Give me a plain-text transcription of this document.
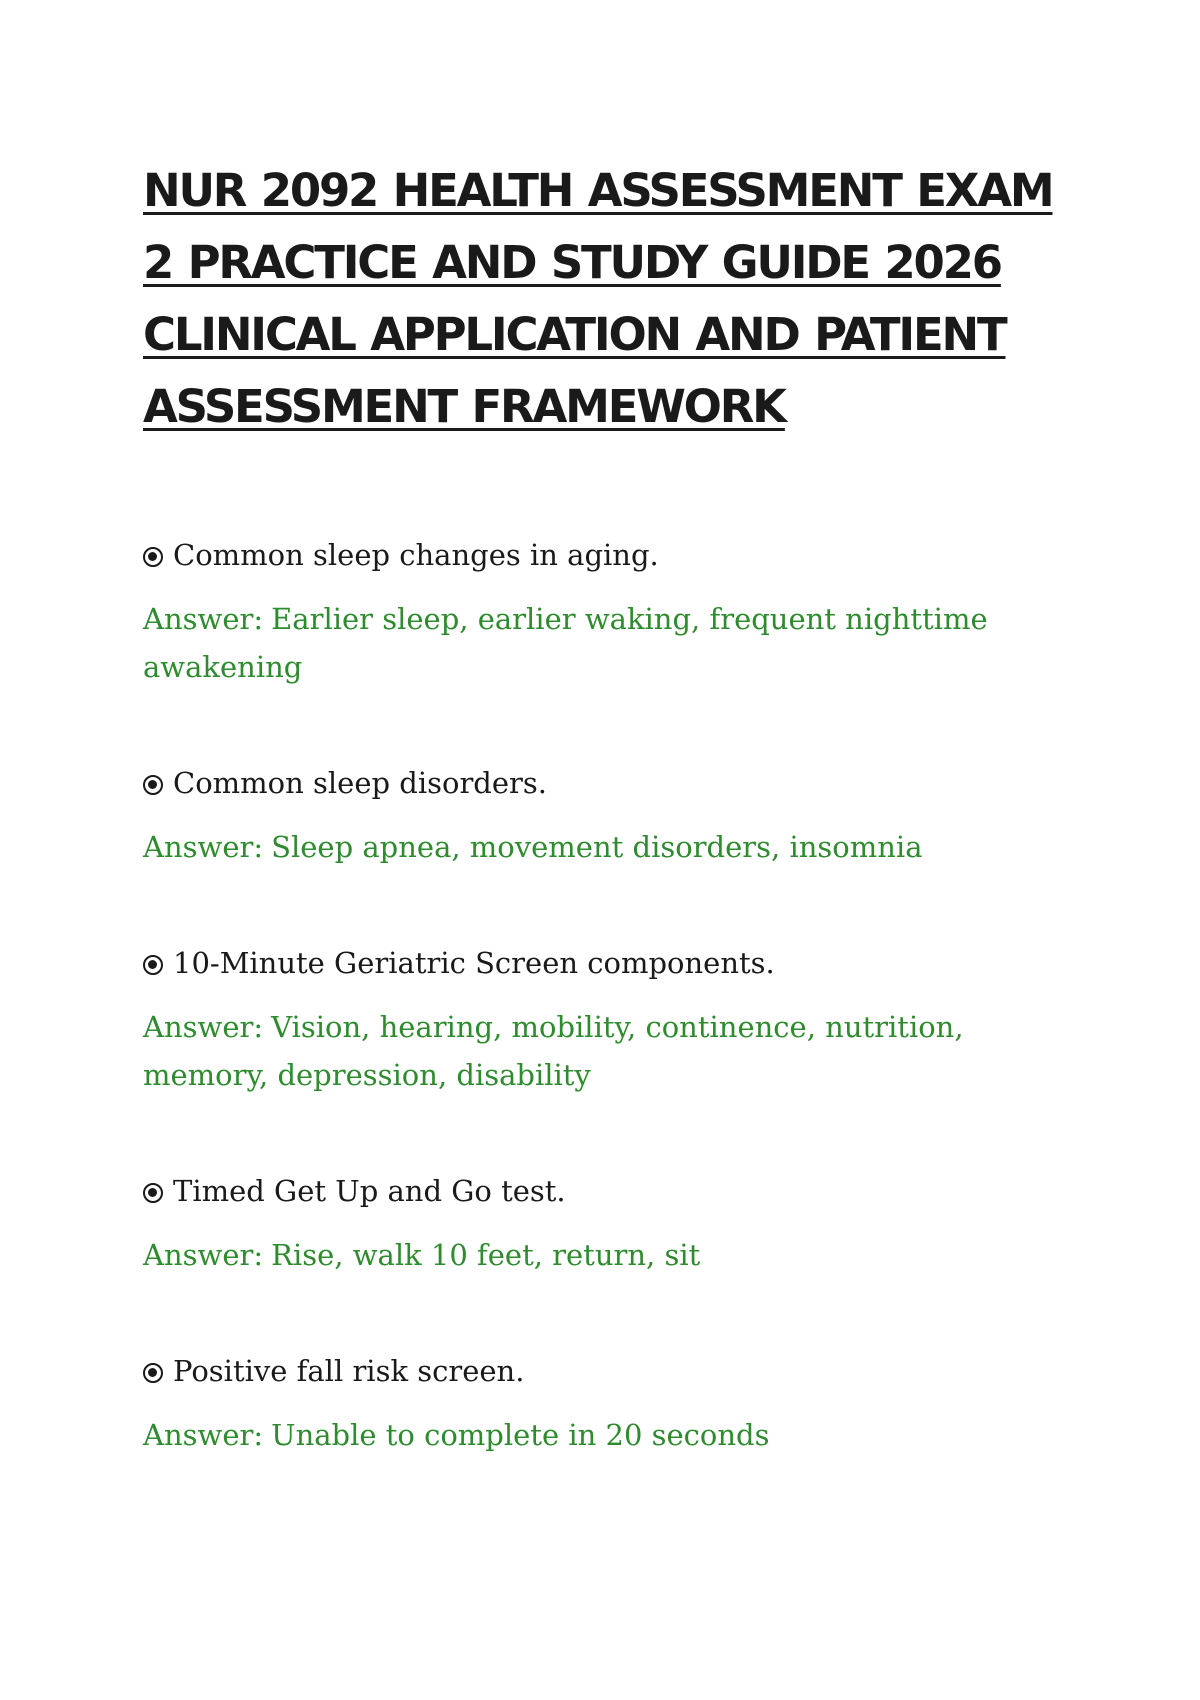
NUR 2092 HEALTH ASSESSMENT EXAM 2 PRACTICE AND STUDY GUIDE 2026 CLINICAL APPLICATION AND PATIENT ASSESSMENT FRAMEWORK

Common sleep changes in aging.

Answer: Earlier sleep, earlier waking, frequent nighttime awakening

Common sleep disorders.

Answer: Sleep apnea, movement disorders, insomnia

10-Minute Geriatric Screen components.

Answer: Vision, hearing, mobility, continence, nutrition, memory, depression, disability

Timed Get Up and Go test.

Answer: Rise, walk 10 feet, return, sit

Positive fall risk screen.

Answer: Unable to complete in 20 seconds
